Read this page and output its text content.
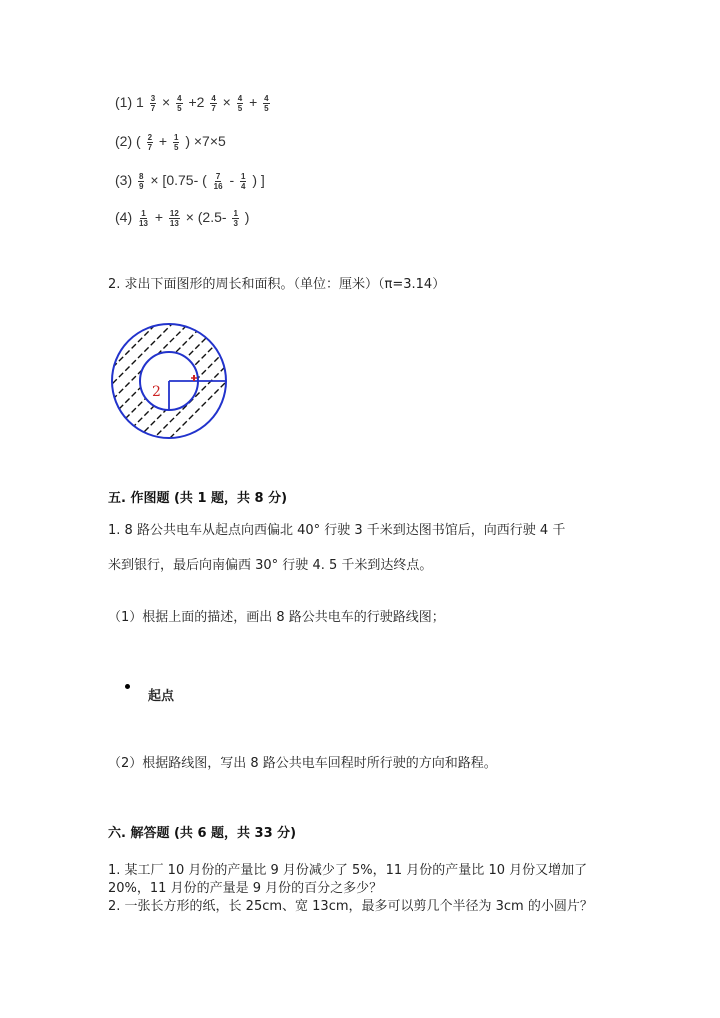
(1) $1 \frac{3}{7} \times \frac{4}{5} +2 \frac{4}{7} \times \frac{4}{5} + \frac{4}{5}$
(2) ( $\frac{2}{7} + \frac{1}{5}$ ) ×7×5
$(3) \frac{8}{9} \times [0.75-$ ( $\frac{7}{16} - \frac{1}{4}$ ) ]
$(4) \frac{1}{13} + \frac{12}{13} \times (2.5- \frac{1}{3}$ )
2. 求出下面图形的周长和面积。（单位：厘米）（π=3.14）
2
五. 作图题 (共 1 题，共 8 分)
1. 8 路公共电车从起点向西偏北 40° 行驶 3 千米到达图书馆后，向西行驶 4 千
米到银行，最后向南偏西 30° 行驶 4. 5 千米到达终点。
（1）根据上面的描述，画出 8 路公共电车的行驶路线图；
起点
（2）根据路线图，写出 8 路公共电车回程时所行驶的方向和路程。
六. 解答题 (共 6 题，共 33 分)
1. 某工厂 10 月份的产量比 9 月份减少了 5%，11 月份的产量比 10 月份又增加了
20%，11 月份的产量是 9 月份的百分之多少？
2. 一张长方形的纸，长 25cm、宽 13cm，最多可以剪几个半径为 3cm 的小圆片？
